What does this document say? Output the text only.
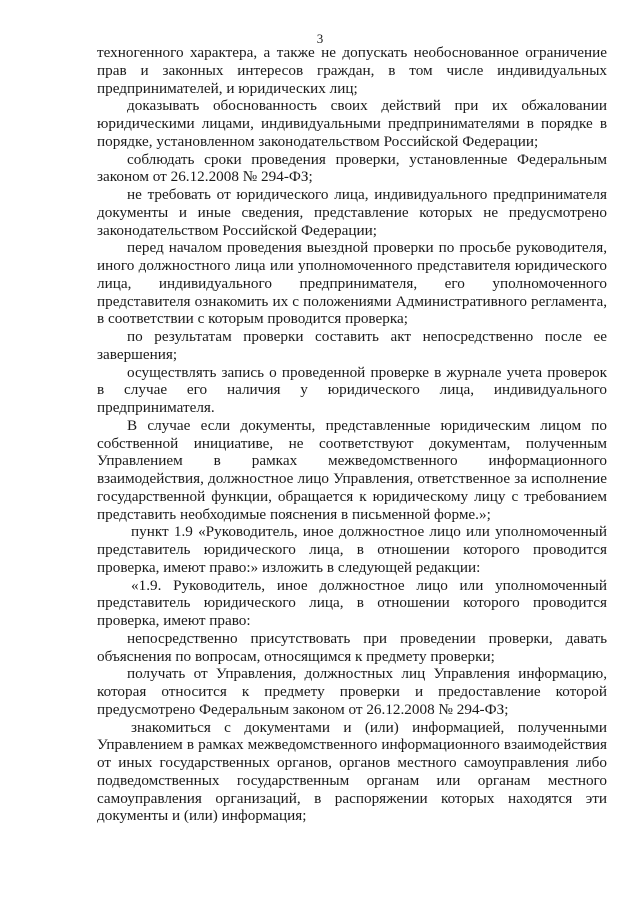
3

техногенного характера, а также не допускать необоснованное ограничение прав и законных интересов граждан, в том числе индивидуальных предпринимателей, и юридических лиц;

доказывать обоснованность своих действий при их обжаловании юридическими лицами, индивидуальными предпринимателями в порядке в порядке, установленном законодательством Российской Федерации;

соблюдать сроки проведения проверки, установленные Федеральным законом от 26.12.2008 № 294-ФЗ;

не требовать от юридического лица, индивидуального предпринимателя документы и иные сведения, представление которых не предусмотрено законодательством Российской Федерации;

перед началом проведения выездной проверки по просьбе руководителя, иного должностного лица или уполномоченного представителя юридического лица, индивидуального предпринимателя, его уполномоченного представителя ознакомить их с положениями Административного регламента, в соответствии с которым проводится проверка;

по результатам проверки составить акт непосредственно после ее завершения;

осуществлять запись о проведенной проверке в журнале учета проверок в случае его наличия у юридического лица, индивидуального предпринимателя.

В случае если документы, представленные юридическим лицом по собственной инициативе, не соответствуют документам, полученным Управлением в рамках межведомственного информационного взаимодействия, должностное лицо Управления, ответственное за исполнение государственной функции, обращается к юридическому лицу с требованием представить необходимые пояснения в письменной форме.»;

пункт 1.9 «Руководитель, иное должностное лицо или уполномоченный представитель юридического лица, в отношении которого проводится проверка, имеют право:» изложить в следующей редакции:

«1.9. Руководитель, иное должностное лицо или уполномоченный представитель юридического лица, в отношении которого проводится проверка, имеют право:

непосредственно присутствовать при проведении проверки, давать объяснения по вопросам, относящимся к предмету проверки;

получать от Управления, должностных лиц Управления информацию, которая относится к предмету проверки и предоставление которой предусмотрено Федеральным законом от 26.12.2008 № 294-ФЗ;

знакомиться с документами и (или) информацией, полученными Управлением в рамках межведомственного информационного взаимодействия от иных государственных органов, органов местного самоуправления либо подведомственных государственным органам или органам местного самоуправления организаций, в распоряжении которых находятся эти документы и (или) информация;
